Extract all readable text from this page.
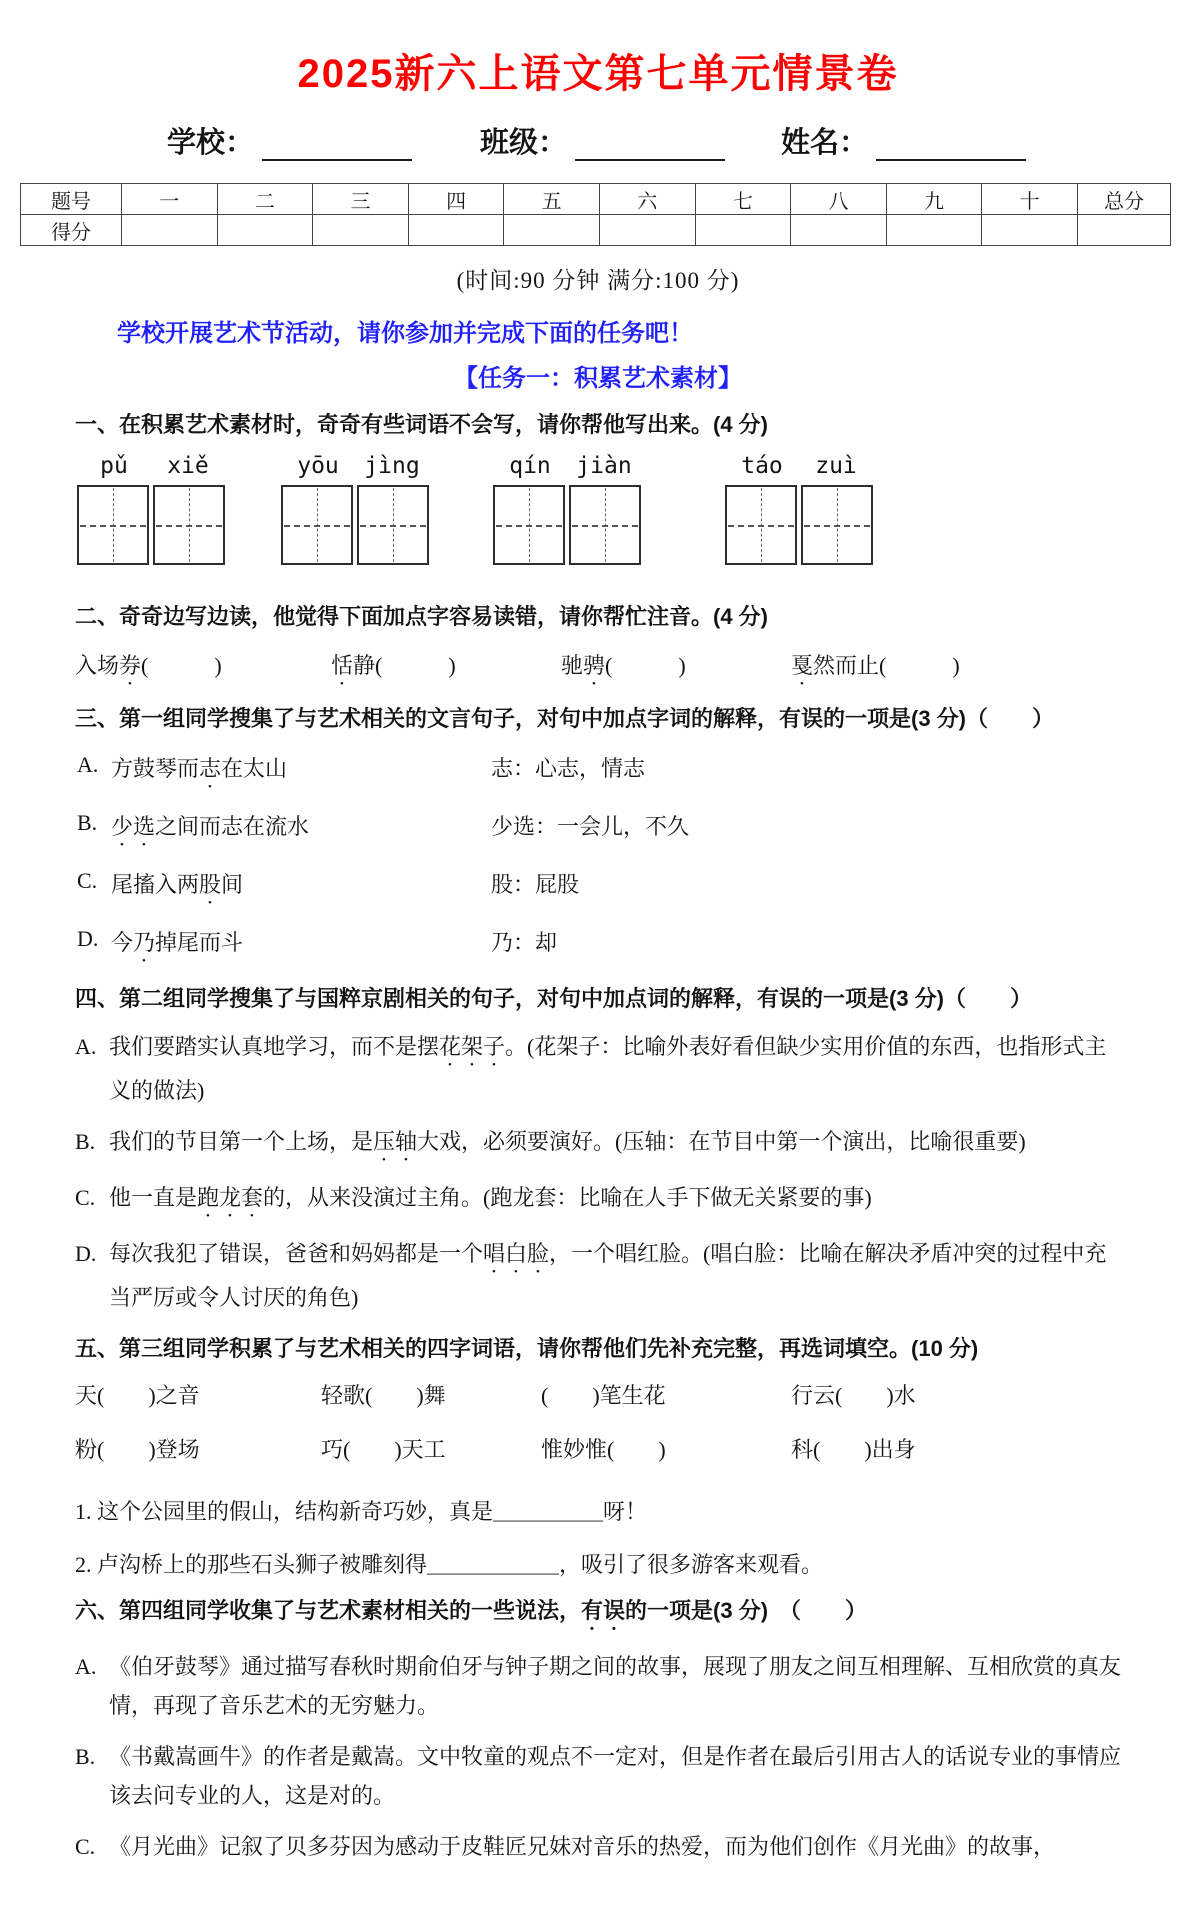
2025新六上语文第七单元情景卷
学校：	班级：	姓名：
题号	一	二	三	四	五	六	七	八	九	十	总分
得分											
(时间:90 分钟 满分:100 分)
学校开展艺术节活动，请你参加并完成下面的任务吧！
【任务一：积累艺术素材】
一、在积累艺术素材时，奇奇有些词语不会写，请你帮他写出来。(4 分)
pǔ	xiě	yōu	jìng	qín	jiàn	táo	zuì
二、奇奇边写边读，他觉得下面加点字容易读错，请你帮忙注音。(4 分)
入场券(　　　)	恬静(　　　)	驰骋(　　　)	戛然而止(　　　)
三、第一组同学搜集了与艺术相关的文言句子，对句中加点字词的解释，有误的一项是(3 分)（　　）
A. 方鼓琴而志在太山	志：心志，情志
B. 少选之间而志在流水	少选：一会儿，不久
C. 尾搐入两股间	股：屁股
D. 今乃掉尾而斗	乃：却
四、第二组同学搜集了与国粹京剧相关的句子，对句中加点词的解释，有误的一项是(3 分)（　　）
A. 我们要踏实认真地学习，而不是摆花架子。(花架子：比喻外表好看但缺少实用价值的东西，也指形式主义的做法)
B. 我们的节目第一个上场，是压轴大戏，必须要演好。(压轴：在节目中第一个演出，比喻很重要)
C. 他一直是跑龙套的，从来没演过主角。(跑龙套：比喻在人手下做无关紧要的事)
D. 每次我犯了错误，爸爸和妈妈都是一个唱白脸，一个唱红脸。(唱白脸：比喻在解决矛盾冲突的过程中充当严厉或令人讨厌的角色)
五、第三组同学积累了与艺术相关的四字词语，请你帮他们先补充完整，再选词填空。(10 分)
天(　　)之音	轻歌(　　)舞	(　　)笔生花	行云(　　)水
粉(　　)登场	巧(　　)天工	惟妙惟(　　)	科(　　)出身
1. 这个公园里的假山，结构新奇巧妙，真是＿＿＿＿＿呀！
2. 卢沟桥上的那些石头狮子被雕刻得＿＿＿＿＿＿，吸引了很多游客来观看。
六、第四组同学收集了与艺术素材相关的一些说法，有误的一项是(3 分)　（　　）
A. 《伯牙鼓琴》通过描写春秋时期俞伯牙与钟子期之间的故事，展现了朋友之间互相理解、互相欣赏的真友情，再现了音乐艺术的无穷魅力。
B. 《书戴嵩画牛》的作者是戴嵩。文中牧童的观点不一定对，但是作者在最后引用古人的话说专业的事情应该去问专业的人，这是对的。
C. 《月光曲》记叙了贝多芬因为感动于皮鞋匠兄妹对音乐的热爱，而为他们创作《月光曲》的故事，
